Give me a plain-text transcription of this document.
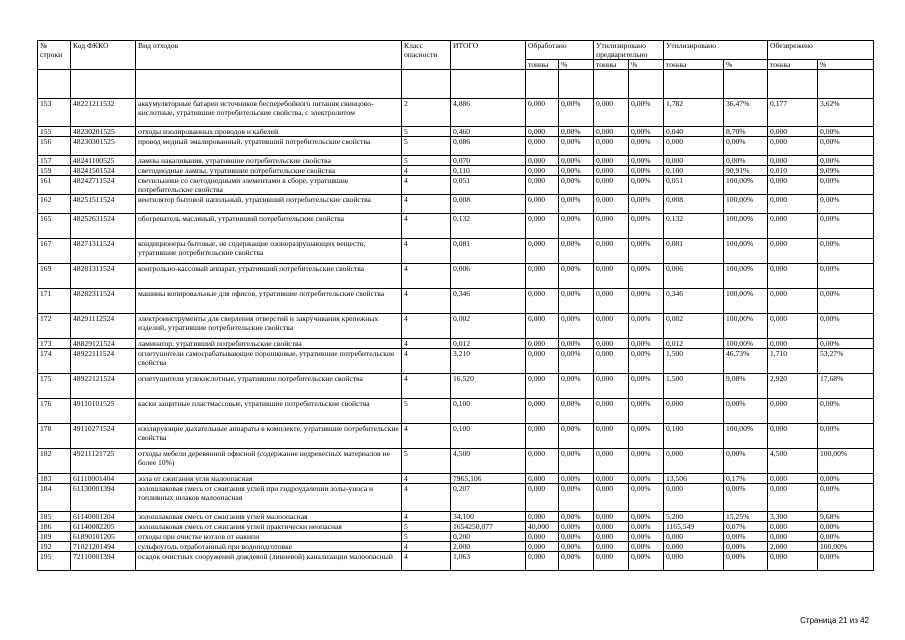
№ строки	Код ФККО	Вид отходов	Класс опасности	ИТОГО	Обработано		Утилизировано предварительно		Утилизировано		Обезврежено	
					тонны	%	тонны	%	тонны	%	тонны	%

153	48221211532	аккумуляторные батареи источников бесперебойного питания свинцово-кислотные, утратившие потребительские свойства, с электролитом	2	4,886	0,000	0,00%	0,000	0,00%	1,782	36,47%	0,177	3,62%
155	48230201525	отходы изолированных проводов и кабелей	5	0,460	0,000	0,00%	0,000	0,00%	0,040	8,70%	0,000	0,00%
156	48230301525	провод медный эмалированный, утративший потребительские свойства	5	0,086	0,000	0,00%	0,000	0,00%	0,000	0,00%	0,000	0,00%
157	48241100525	лампы накаливания, утратившие потребительские свойства	5	0,070	0,000	0,00%	0,000	0,00%	0,000	0,00%	0,000	0,00%
159	48241501524	светодиодные лампы, утратившие потребительские свойства	4	0,110	0,000	0,00%	0,000	0,00%	0,100	90,91%	0,010	9,09%
161	48242711524	светильники со светодиодными элементами в сборе, утратившие потребительские свойства	4	0,051	0,000	0,00%	0,000	0,00%	0,051	100,00%	0,000	0,00%
162	48251511524	вентилятор бытовой напольный, утративший потребительские свойства	4	0,008	0,000	0,00%	0,000	0,00%	0,008	100,00%	0,000	0,00%
165	48252631524	обогреватель масляный, утративший потребительские свойства	4	0,132	0,000	0,00%	0,000	0,00%	0,132	100,00%	0,000	0,00%
167	48271311524	кондиционеры бытовые, не содержащие озоноразрушающих веществ, утратившие потребительские свойства	4	0,081	0,000	0,00%	0,000	0,00%	0,081	100,00%	0,000	0,00%
169	48281311524	контрольно-кассовый аппарат, утративший потребительские свойства	4	0,006	0,000	0,00%	0,000	0,00%	0,006	100,00%	0,000	0,00%
171	48282311524	машины копировальные для офисов, утратившие потребительские свойства	4	0,346	0,000	0,00%	0,000	0,00%	0,346	100,00%	0,000	0,00%
172	48291112524	электроинструменты для сверления отверстий и закручивания крепежных изделий, утратившие потребительские свойства	4	0,002	0,000	0,00%	0,000	0,00%	0,002	100,00%	0,000	0,00%
173	48829121524	ламинатор, утративший потребительские свойства	4	0,012	0,000	0,00%	0,000	0,00%	0,012	100,00%	0,000	0,00%
174	48922111524	огнетушители самосрабатывающие порошковые, утратившие потребительские свойства	4	3,210	0,000	0,00%	0,000	0,00%	1,500	46,73%	1,710	53,27%
175	48922121524	огнетушители углекислотные, утратившие потребительские свойства	4	16,520	0,000	0,00%	0,000	0,00%	1,500	9,08%	2,920	17,68%
176	49110101525	каски защитные пластмассовые, утратившие потребительские свойства	5	0,100	0,000	0,00%	0,000	0,00%	0,000	0,00%	0,000	0,00%
178	49110271524	изолирующие дыхательные аппараты в комплекте, утратившие потребительские свойства	4	0,100	0,000	0,00%	0,000	0,00%	0,100	100,00%	0,000	0,00%
182	49211121725	отходы мебели деревянной офисной (содержание недревесных материалов не более 10%)	5	4,500	0,000	0,00%	0,000	0,00%	0,000	0,00%	4,500	100,00%
183	61110001404	зола от сжигания угля малоопасная	4	7965,106	0,000	0,00%	0,000	0,00%	13,506	0,17%	0,000	0,00%
184	61130001394	золошлаковая смесь от сжигания углей при гидроудалении золы-уноса и топливных шлаков малоопасная	4	0,207	0,000	0,00%	0,000	0,00%	0,000	0,00%	0,000	0,00%
185	61140001204	золошлаковая смесь от сжигания углей малоопасная	4	34,100	0,000	0,00%	0,000	0,00%	5,200	15,25%	3,300	9,68%
186	61140002205	золошлаковая смесь от сжигания углей практически неопасная	5	1654250,077	40,000	0,00%	0,000	0,00%	1165,549	0,07%	0,000	0,00%
189	61890101205	отходы при очистке котлов от накипи	5	0,200	0,000	0,00%	0,000	0,00%	0,000	0,00%	0,000	0,00%
192	71021201494	сульфоуголь отработанный при водоподготовке	4	2,000	0,000	0,00%	0,000	0,00%	0,000	0,00%	2,000	100,00%
195	72110001394	осадок очистных сооружений дождевой (ливневой) канализации малоопасный	4	1,063	0,000	0,00%	0,000	0,00%	0,000	0,00%	0,000	0,00%
Страница 21 из 42
